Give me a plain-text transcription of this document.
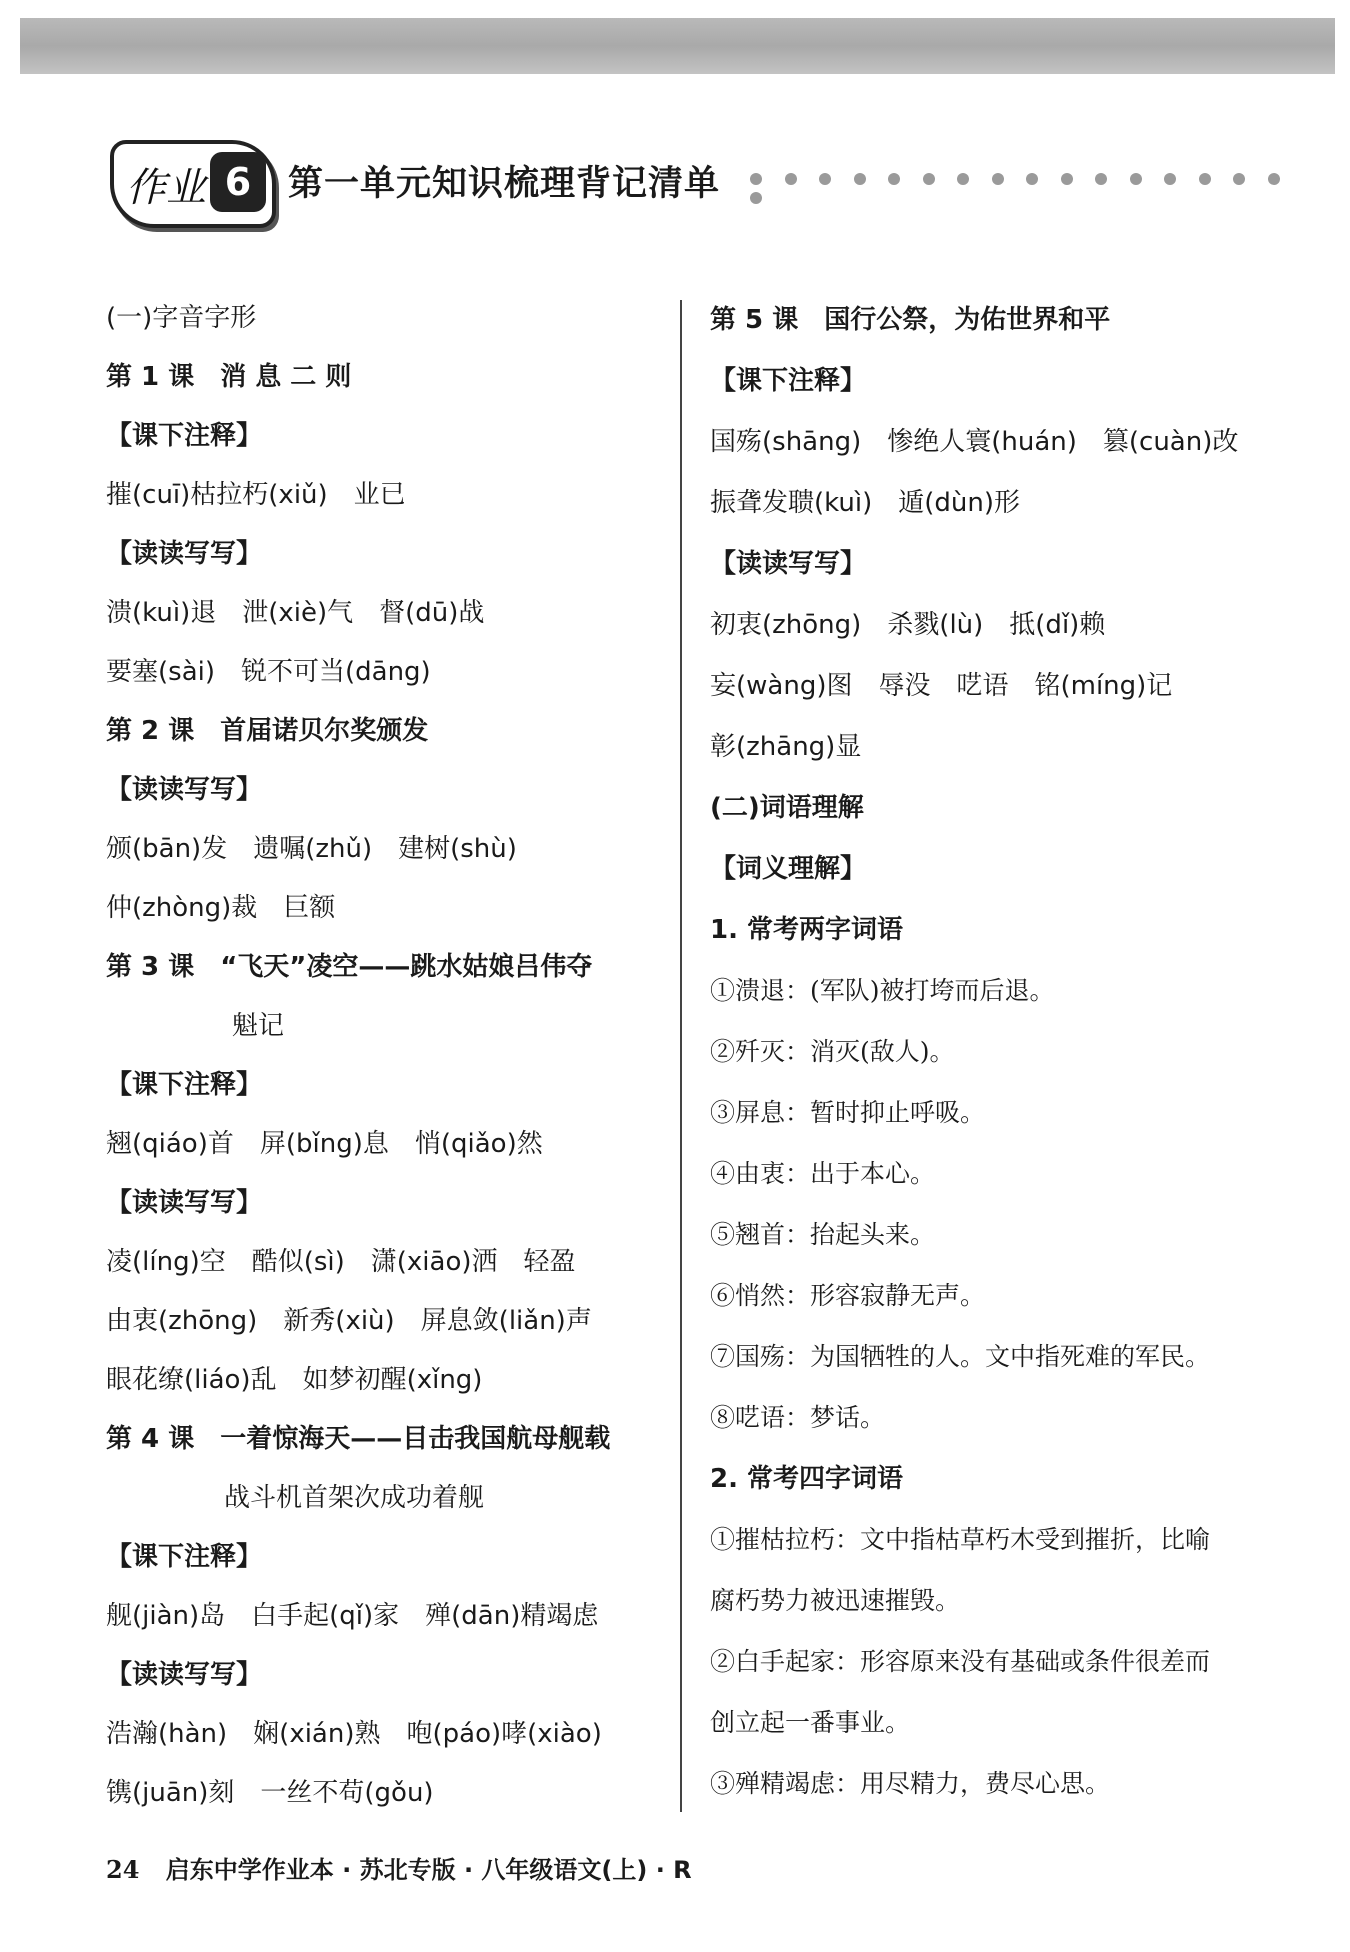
作业 6	第一单元知识梳理背记清单
(一)字音字形
第 1 课　消 息 二 则
【课下注释】
摧(cuī)枯拉朽(xiǔ)　业已
【读读写写】
溃(kuì)退　泄(xiè)气　督(dū)战
要塞(sài)　锐不可当(dāng)
第 2 课　首届诺贝尔奖颁发
【读读写写】
颁(bān)发　遗嘱(zhǔ)　建树(shù)
仲(zhòng)裁　巨额
第 3 课　“飞天”凌空——跳水姑娘吕伟夺
魁记
【课下注释】
翘(qiáo)首　屏(bǐng)息　悄(qiǎo)然
【读读写写】
凌(líng)空　酷似(sì)　潇(xiāo)洒　轻盈
由衷(zhōng)　新秀(xiù)　屏息敛(liǎn)声
眼花缭(liáo)乱　如梦初醒(xǐng)
第 4 课　一着惊海天——目击我国航母舰载
战斗机首架次成功着舰
【课下注释】
舰(jiàn)岛　白手起(qǐ)家　殚(dān)精竭虑
【读读写写】
浩瀚(hàn)　娴(xián)熟　咆(páo)哮(xiào)
镌(juān)刻　一丝不苟(gǒu)
第 5 课　国行公祭，为佑世界和平
【课下注释】
国殇(shāng)　惨绝人寰(huán)　篡(cuàn)改
振聋发聩(kuì)　遁(dùn)形
【读读写写】
初衷(zhōng)　杀戮(lù)　抵(dǐ)赖
妄(wàng)图　辱没　呓语　铭(míng)记
彰(zhāng)显
(二)词语理解
【词义理解】
1. 常考两字词语
①溃退：(军队)被打垮而后退。
②歼灭：消灭(敌人)。
③屏息：暂时抑止呼吸。
④由衷：出于本心。
⑤翘首：抬起头来。
⑥悄然：形容寂静无声。
⑦国殇：为国牺牲的人。文中指死难的军民。
⑧呓语：梦话。
2. 常考四字词语
①摧枯拉朽：文中指枯草朽木受到摧折，比喻
腐朽势力被迅速摧毁。
②白手起家：形容原来没有基础或条件很差而
创立起一番事业。
③殚精竭虑：用尽精力，费尽心思。
24 启东中学作业本 · 苏北专版 · 八年级语文(上) · R
